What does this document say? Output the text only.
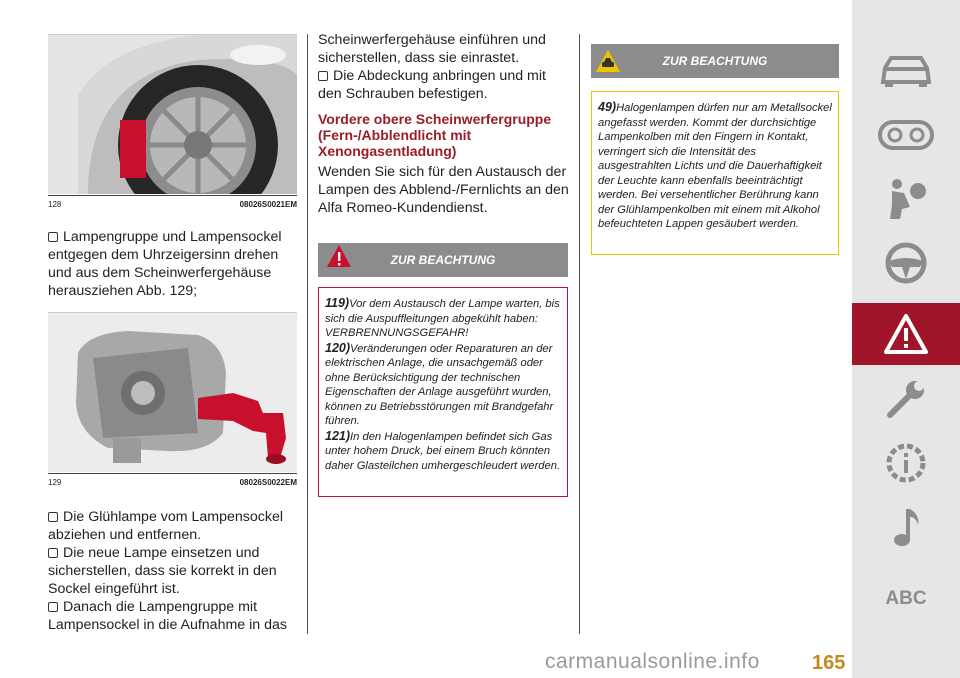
128	08026S0021EM

Lampengruppe und Lampensockel entgegen dem Uhrzeigersinn drehen und aus dem Scheinwerfergehäuse herausziehen Abb. 129;

129	08026S0022EM

Die Glühlampe vom Lampensockel abziehen und entfernen.

Die neue Lampe einsetzen und sicherstellen, dass sie korrekt in den Sockel eingeführt ist.

Danach die Lampengruppe mit Lampensockel in die Aufnahme in das

Scheinwerfergehäuse einführen und sicherstellen, dass sie einrastet.

Die Abdeckung anbringen und mit den Schrauben befestigen.

Vordere obere Scheinwerfergruppe (Fern-/Abblendlicht mit Xenongasentladung)

Wenden Sie sich für den Austausch der Lampen des Abblend-/Fernlichts an den Alfa Romeo-Kundendienst.

ZUR BEACHTUNG
119)Vor dem Austausch der Lampe warten, bis sich die Auspuffleitungen abgekühlt haben: VERBRENNUNGSGEFAHR!
120)Veränderungen oder Reparaturen an der elektrischen Anlage, die unsachgemäß oder ohne Berücksichtigung der technischen Eigenschaften der Anlage ausgeführt wurden, können zu Betriebsstörungen mit Brandgefahr führen.
121)In den Halogenlampen befindet sich Gas unter hohem Druck, bei einem Bruch könnten daher Glasteilchen umhergeschleudert werden.
ZUR BEACHTUNG
49)Halogenlampen dürfen nur am Metallsockel angefasst werden. Kommt der durchsichtige Lampenkolben mit den Fingern in Kontakt, verringert sich die Intensität des ausgestrahlten Lichts und die Dauerhaftigkeit der Leuchte kann ebenfalls beeinträchtigt werden. Bei versehentlicher Berührung kann der Glühlampenkolben mit einem mit Alkohol befeuchteten Lappen gesäubert werden.
ABC
carmanualsonline.info	165
